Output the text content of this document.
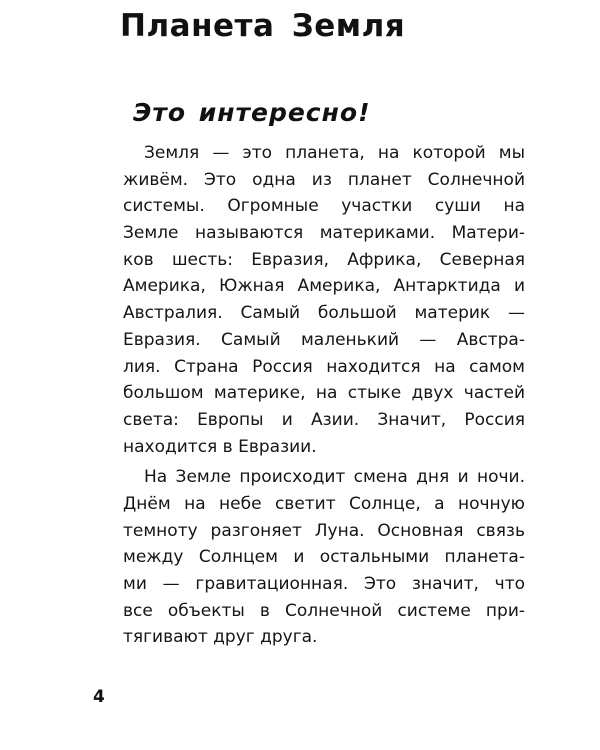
Планета Земля
Это интересно!

Земля — это планета, на которой мы
живём. Это одна из планет Солнечной
системы. Огромные участки суши на
Земле называются материками. Матери-
ков шесть: Евразия, Африка, Северная
Америка, Южная Америка, Антарктида и
Австралия. Самый большой материк —
Евразия. Самый маленький — Австра-
лия. Страна Россия находится на самом
большом материке, на стыке двух частей
света: Европы и Азии. Значит, Россия
находится в Евразии.

На Земле происходит смена дня и ночи.
Днём на небе светит Солнце, а ночную
темноту разгоняет Луна. Основная связь
между Солнцем и остальными планета-
ми — гравитационная. Это значит, что
все объекты в Солнечной системе при-
тягивают друг друга.

4
